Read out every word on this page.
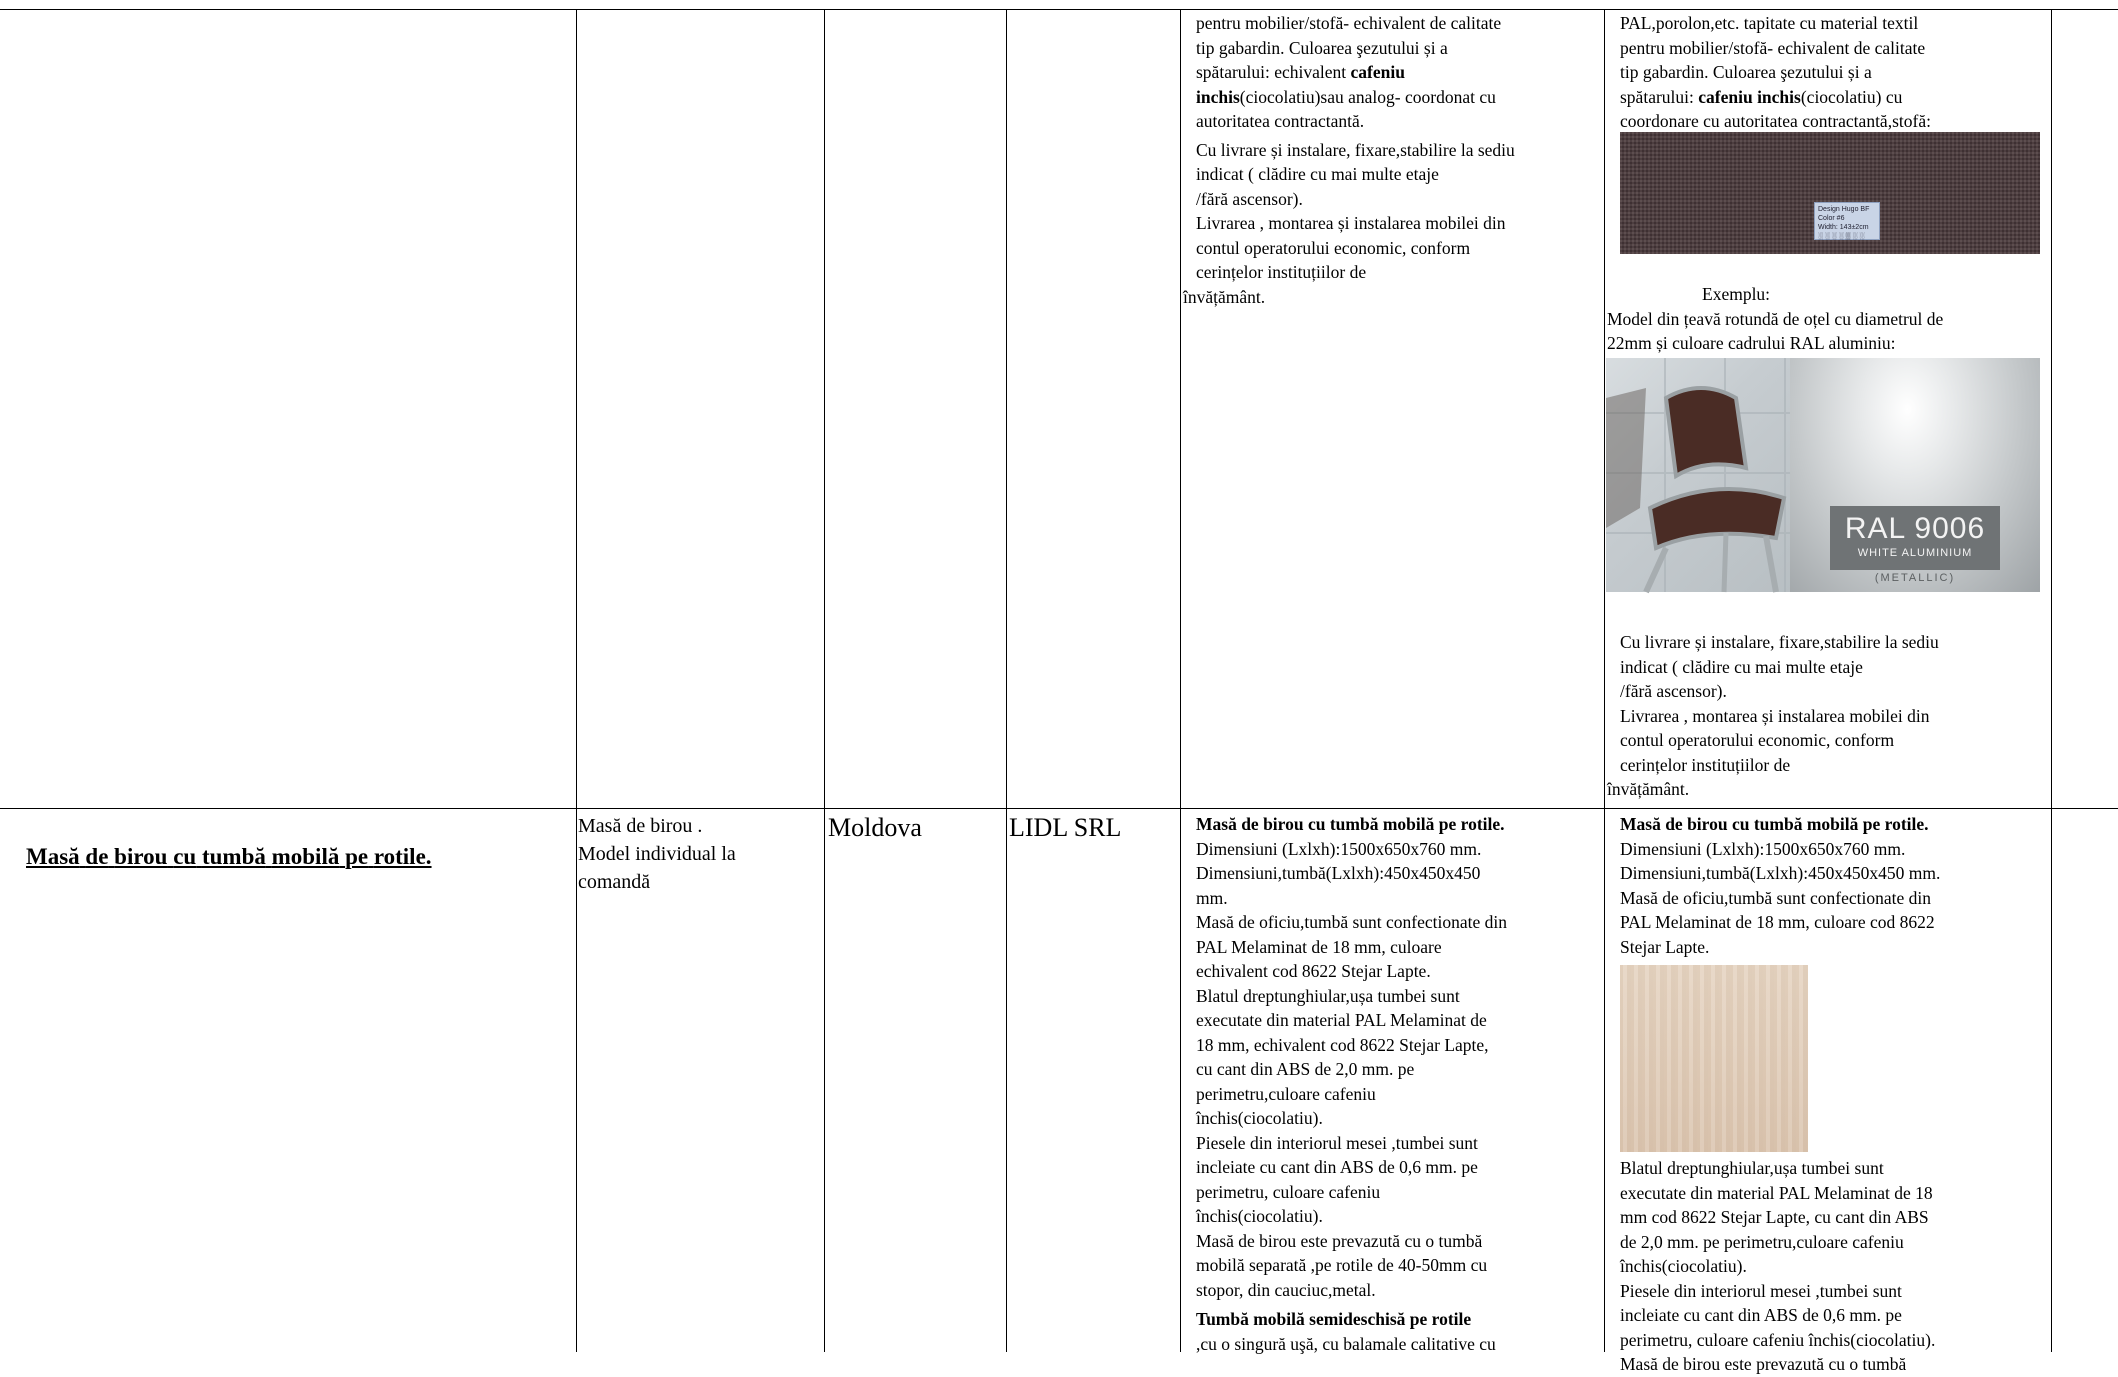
pentru mobilier/stofă- echivalent de calitate

tip gabardin. Culoarea şezutului și a

spătarului: echivalent cafeniu

inchis(ciocolatiu)sau analog- coordonat cu

autoritatea contractantă.

Cu livrare și instalare, fixare,stabilire la sediu

indicat ( clădire cu mai multe etaje

/fără ascensor).

Livrarea , montarea și instalarea mobilei din

contul operatorului economic, conform

cerințelor instituțiilor de

învățământ.

PAL,porolon,etc. tapitate cu material textil

pentru mobilier/stofă- echivalent de calitate

tip gabardin. Culoarea şezutului și a

spătarului: cafeniu inchis(ciocolatiu) cu

coordonare cu autoritatea contractantă,stofă:

Design Hugo BF
Color #6
Width: 143±2cm
░ ░ ░ ░ ▒ ░ ░

Exemplu:

Model din țeavă rotundă de oțel cu diametrul de

22mm și culoare cadrului RAL aluminiu:

RAL 9006
WHITE ALUMINIUM
(METALLIC)

Cu livrare și instalare, fixare,stabilire la sediu

indicat ( clădire cu mai multe etaje

/fără ascensor).

Livrarea , montarea și instalarea mobilei din

contul operatorului economic, conform

cerințelor instituțiilor de

învățământ.

Masă de birou cu tumbă mobilă pe rotile.

Masă de birou .

Model individual la

comandă

Moldova	LIDL SRL	Masă de birou cu tumbă mobilă pe rotile.

Dimensiuni (Lxlxh):1500x650x760 mm.

Dimensiuni,tumbă(Lxlxh):450x450x450

mm.

Masă de oficiu,tumbă sunt confectionate din

PAL Melaminat de 18 mm, culoare

echivalent cod 8622 Stejar Lapte.

Blatul dreptunghiular,ușa tumbei sunt

executate din material PAL Melaminat de

18 mm, echivalent cod 8622 Stejar Lapte,

cu cant din ABS de 2,0 mm. pe

perimetru,culoare cafeniu

închis(ciocolatiu).

Piesele din interiorul mesei ,tumbei sunt

incleiate cu cant din ABS de 0,6 mm. pe

perimetru, culoare cafeniu

închis(ciocolatiu).

Masă de birou este prevazută cu o tumbă

mobilă separată ,pe rotile de 40-50mm cu

stopor, din cauciuc,metal.

Tumbă mobilă semideschisă pe rotile

,cu o singură uşă, cu balamale calitative cu

Masă de birou cu tumbă mobilă pe rotile.

Dimensiuni (Lxlxh):1500x650x760 mm.

Dimensiuni,tumbă(Lxlxh):450x450x450 mm.

Masă de oficiu,tumbă sunt confectionate din

PAL Melaminat de 18 mm, culoare cod 8622

Stejar Lapte.

Blatul dreptunghiular,ușa tumbei sunt

executate din material PAL Melaminat de 18

mm cod 8622 Stejar Lapte, cu cant din ABS

de 2,0 mm. pe perimetru,culoare cafeniu

închis(ciocolatiu).

Piesele din interiorul mesei ,tumbei sunt

incleiate cu cant din ABS de 0,6 mm. pe

perimetru, culoare cafeniu închis(ciocolatiu).

Masă de birou este prevazută cu o tumbă
